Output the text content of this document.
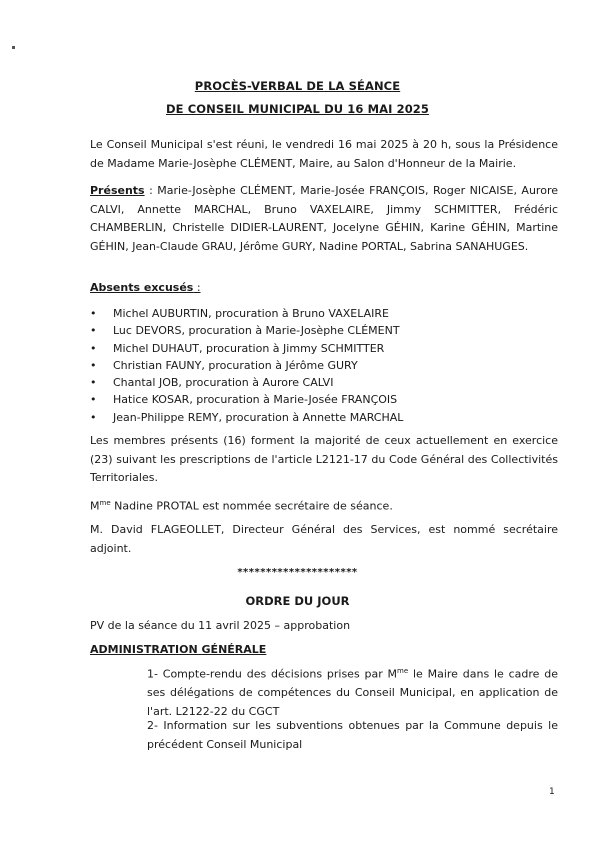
PROCÈS-VERBAL DE LA SÉANCE
DE CONSEIL MUNICIPAL DU 16 MAI 2025
Le Conseil Municipal s'est réuni, le vendredi 16 mai 2025 à 20 h, sous la Présidence de Madame Marie-Josèphe CLÉMENT, Maire, au Salon d'Honneur de la Mairie.
Présents : Marie-Josèphe CLÉMENT, Marie-Josée FRANÇOIS, Roger NICAISE, Aurore CALVI, Annette MARCHAL, Bruno VAXELAIRE, Jimmy SCHMITTER, Frédéric CHAMBERLIN, Christelle DIDIER-LAURENT, Jocelyne GÉHIN, Karine GÉHIN, Martine GÉHIN, Jean-Claude GRAU, Jérôme GURY, Nadine PORTAL, Sabrina SANAHUGES.
Absents excusés :
• Michel AUBURTIN, procuration à Bruno VAXELAIRE
• Luc DEVORS, procuration à Marie-Josèphe CLÉMENT
• Michel DUHAUT, procuration à Jimmy SCHMITTER
• Christian FAUNY, procuration à Jérôme GURY
• Chantal JOB, procuration à Aurore CALVI
• Hatice KOSAR, procuration à Marie-Josée FRANÇOIS
• Jean-Philippe REMY, procuration à Annette MARCHAL
Les membres présents (16) forment la majorité de ceux actuellement en exercice (23) suivant les prescriptions de l'article L2121-17 du Code Général des Collectivités Territoriales.
$M^{me}$ Nadine PROTAL est nommée secrétaire de séance.
M. David FLAGEOLLET, Directeur Général des Services, est nommé secrétaire adjoint.
*********************
ORDRE DU JOUR
PV de la séance du 11 avril 2025 – approbation
ADMINISTRATION GÉNÉRALE
1- Compte-rendu des décisions prises par $M^{me}$ le Maire dans le cadre de ses délégations de compétences du Conseil Municipal, en application de l'art. L2122-22 du CGCT
2- Information sur les subventions obtenues par la Commune depuis le précédent Conseil Municipal
1
